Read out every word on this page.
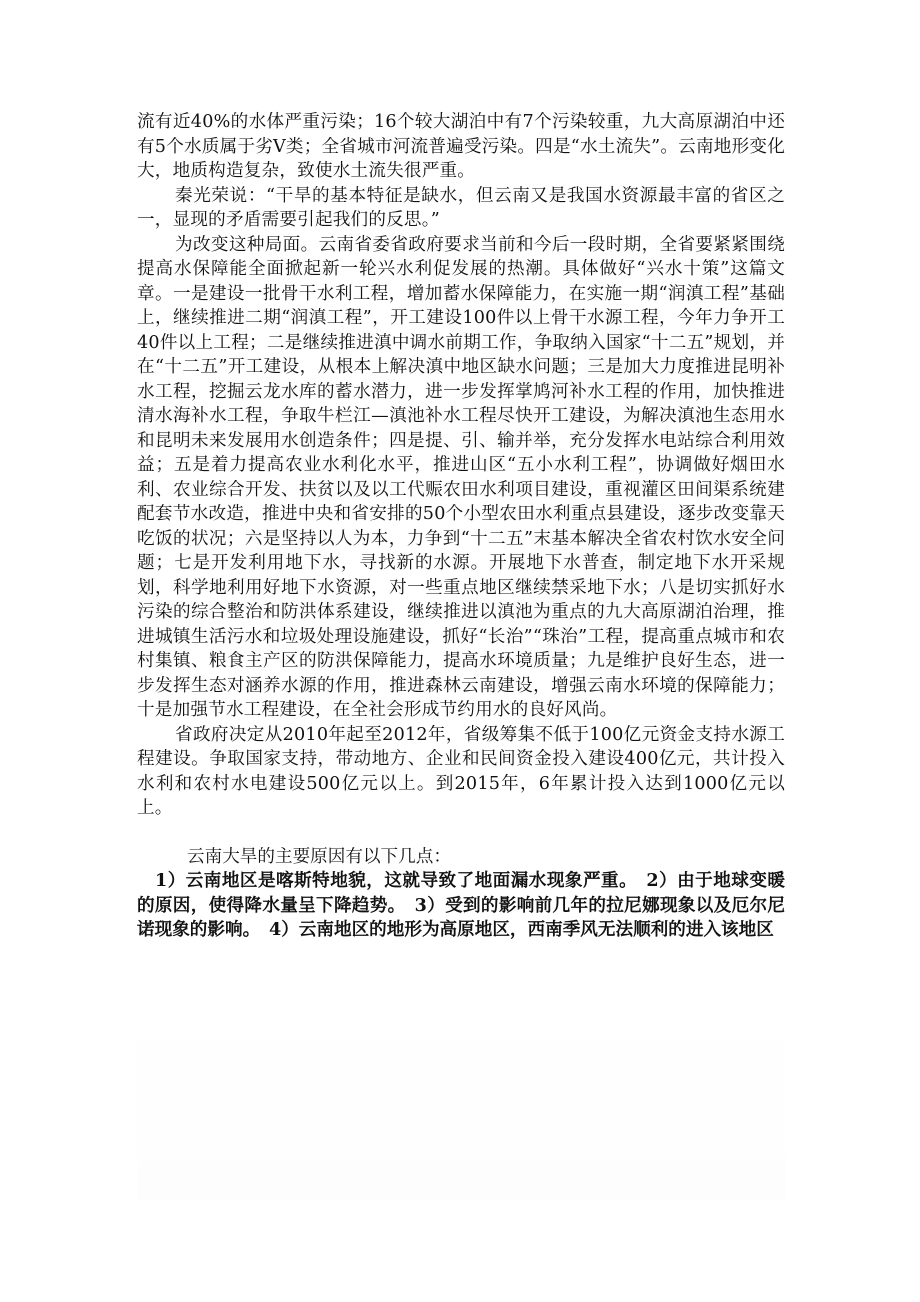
流有近40%的水体严重污染；16个较大湖泊中有7个污染较重，九大高原湖泊中还有5个水质属于劣Ⅴ类；全省城市河流普遍受污染。四是“水土流失”。云南地形变化大，地质构造复杂，致使水土流失很严重。

秦光荣说：“干旱的基本特征是缺水，但云南又是我国水资源最丰富的省区之一，显现的矛盾需要引起我们的反思。”

为改变这种局面。云南省委省政府要求当前和今后一段时期，全省要紧紧围绕提高水保障能全面掀起新一轮兴水利促发展的热潮。具体做好“兴水十策”这篇文章。一是建设一批骨干水利工程，增加蓄水保障能力，在实施一期“润滇工程”基础上，继续推进二期“润滇工程”，开工建设100件以上骨干水源工程，今年力争开工40件以上工程；二是继续推进滇中调水前期工作，争取纳入国家“十二五”规划，并在“十二五”开工建设，从根本上解决滇中地区缺水问题；三是加大力度推进昆明补水工程，挖掘云龙水库的蓄水潜力，进一步发挥掌鸠河补水工程的作用，加快推进清水海补水工程，争取牛栏江—滇池补水工程尽快开工建设，为解决滇池生态用水和昆明未来发展用水创造条件；四是提、引、输并举，充分发挥水电站综合利用效益；五是着力提高农业水利化水平，推进山区“五小水利工程”，协调做好烟田水利、农业综合开发、扶贫以及以工代赈农田水利项目建设，重视灌区田间渠系统建配套节水改造，推进中央和省安排的50个小型农田水利重点县建设，逐步改变靠天吃饭的状况；六是坚持以人为本，力争到“十二五”末基本解决全省农村饮水安全问题；七是开发利用地下水，寻找新的水源。开展地下水普查，制定地下水开采规划，科学地利用好地下水资源，对一些重点地区继续禁采地下水；八是切实抓好水污染的综合整治和防洪体系建设，继续推进以滇池为重点的九大高原湖泊治理，推进城镇生活污水和垃圾处理设施建设，抓好“长治”“珠治”工程，提高重点城市和农村集镇、粮食主产区的防洪保障能力，提高水环境质量；九是维护良好生态，进一步发挥生态对涵养水源的作用，推进森林云南建设，增强云南水环境的保障能力；十是加强节水工程建设，在全社会形成节约用水的良好风尚。

省政府决定从2010年起至2012年，省级筹集不低于100亿元资金支持水源工程建设。争取国家支持，带动地方、企业和民间资金投入建设400亿元，共计投入水利和农村水电建设500亿元以上。到2015年，6年累计投入达到1000亿元以上。

云南大旱的主要原因有以下几点：

1）云南地区是喀斯特地貌，这就导致了地面漏水现象严重。　2）由于地球变暖的原因，使得降水量呈下降趋势。　3）受到的影响前几年的拉尼娜现象以及厄尔尼诺现象的影响。　4）云南地区的地形为高原地区，西南季风无法顺利的进入该地区
